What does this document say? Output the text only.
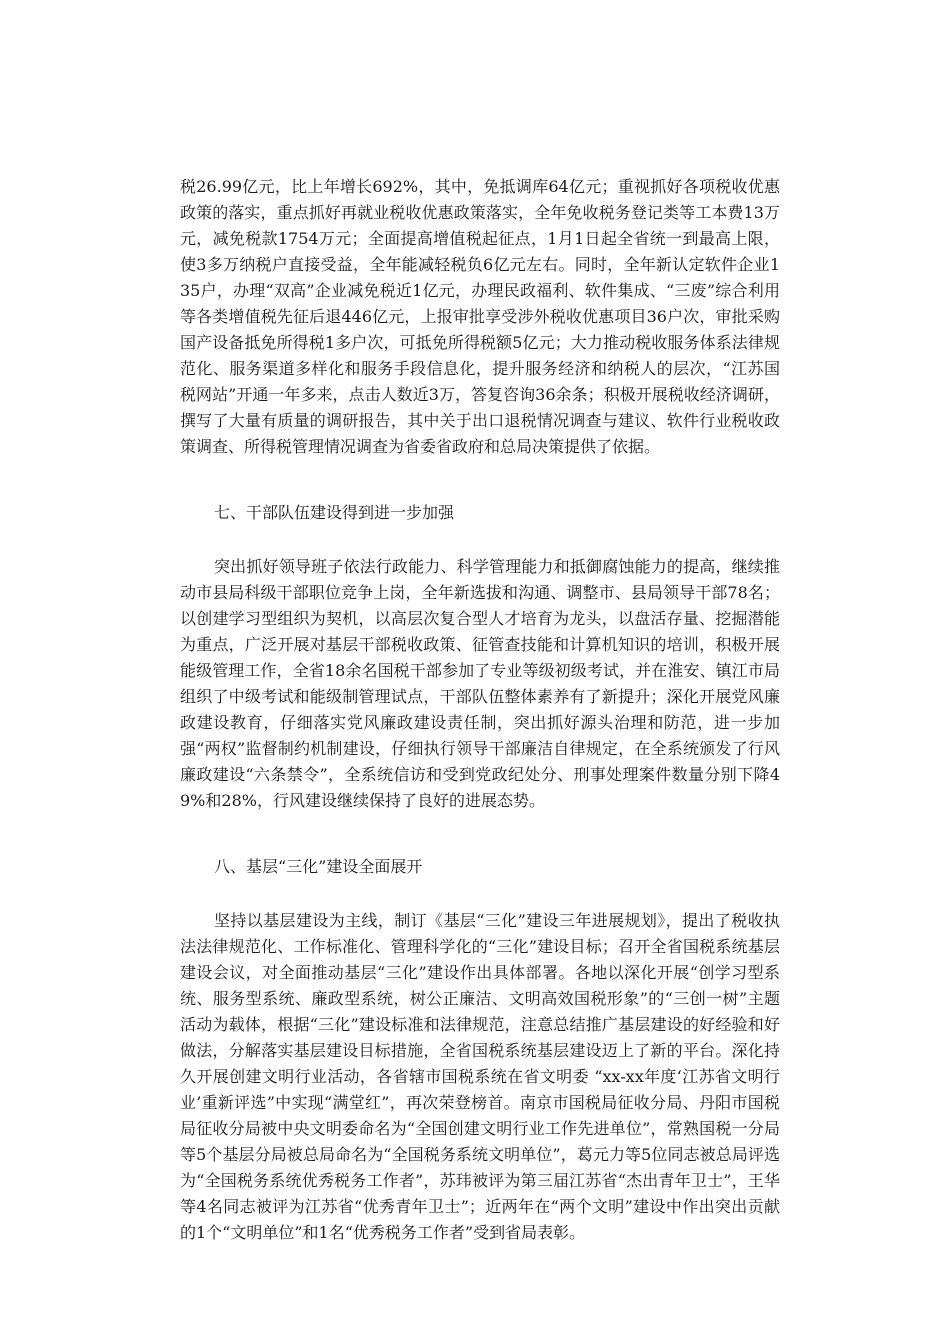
税26.99亿元，比上年增长692%，其中，免抵调库64亿元；重视抓好各项税收优惠政策的落实，重点抓好再就业税收优惠政策落实，全年免收税务登记类等工本费13万元，减免税款1754万元；全面提高增值税起征点，1月1日起全省统一到最高上限，使3多万纳税户直接受益，全年能减轻税负6亿元左右。同时，全年新认定软件企业135户，办理“双高”企业减免税近1亿元，办理民政福利、软件集成、“三废”综合利用等各类增值税先征后退446亿元，上报审批享受涉外税收优惠项目36户次，审批采购国产设备抵免所得税1多户次，可抵免所得税额5亿元；大力推动税收服务体系法律规范化、服务渠道多样化和服务手段信息化，提升服务经济和纳税人的层次，“江苏国税网站”开通一年多来，点击人数近3万，答复咨询36余条；积极开展税收经济调研，撰写了大量有质量的调研报告，其中关于出口退税情况调查与建议、软件行业税收政策调查、所得税管理情况调查为省委省政府和总局决策提供了依据。

七、干部队伍建设得到进一步加强

突出抓好领导班子依法行政能力、科学管理能力和抵御腐蚀能力的提高，继续推动市县局科级干部职位竞争上岗，全年新选拔和沟通、调整市、县局领导干部78名；以创建学习型组织为契机，以高层次复合型人才培育为龙头，以盘活存量、挖掘潜能为重点，广泛开展对基层干部税收政策、征管查技能和计算机知识的培训，积极开展能级管理工作，全省18余名国税干部参加了专业等级初级考试，并在淮安、镇江市局组织了中级考试和能级制管理试点，干部队伍整体素养有了新提升；深化开展党风廉政建设教育，仔细落实党风廉政建设责任制，突出抓好源头治理和防范，进一步加强“两权”监督制约机制建设，仔细执行领导干部廉洁自律规定，在全系统颁发了行风廉政建设“六条禁令”，全系统信访和受到党政纪处分、刑事处理案件数量分别下降49%和28%，行风建设继续保持了良好的进展态势。

八、基层“三化”建设全面展开

坚持以基层建设为主线，制订《基层“三化”建设三年进展规划》，提出了税收执法法律规范化、工作标准化、管理科学化的“三化”建设目标；召开全省国税系统基层建设会议，对全面推动基层“三化”建设作出具体部署。各地以深化开展“创学习型系统、服务型系统、廉政型系统，树公正廉洁、文明高效国税形象”的“三创一树”主题活动为载体，根据“三化”建设标准和法律规范，注意总结推广基层建设的好经验和好做法，分解落实基层建设目标措施，全省国税系统基层建设迈上了新的平台。深化持久开展创建文明行业活动，各省辖市国税系统在省文明委 “xx-xx年度‘江苏省文明行业’重新评选”中实现“满堂红”，再次荣登榜首。南京市国税局征收分局、丹阳市国税局征收分局被中央文明委命名为“全国创建文明行业工作先进单位”，常熟国税一分局等5个基层分局被总局命名为“全国税务系统文明单位”，葛元力等5位同志被总局评选为“全国税务系统优秀税务工作者”，苏玮被评为第三届江苏省“杰出青年卫士”，王华等4名同志被评为江苏省“优秀青年卫士”；近两年在“两个文明”建设中作出突出贡献的1个“文明单位”和1名“优秀税务工作者”受到省局表彰。
